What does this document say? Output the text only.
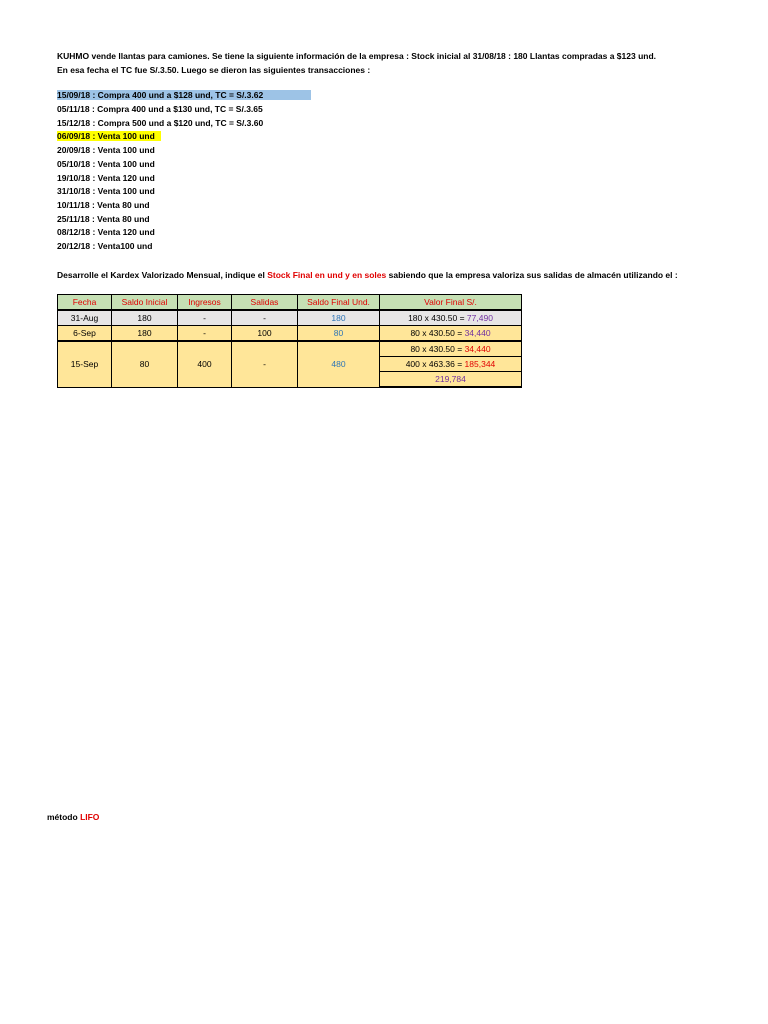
KUHMO vende llantas para camiones. Se tiene la siguiente información de la empresa : Stock inicial al 31/08/18 : 180 Llantas compradas a $123 und.
En esa fecha el TC fue S/.3.50. Luego se dieron las siguientes transacciones :
15/09/18 : Compra 400 und a $128 und, TC = S/.3.62
05/11/18 : Compra 400 und a $130 und, TC = S/.3.65
15/12/18 : Compra 500 und a $120 und, TC = S/.3.60
06/09/18 : Venta 100 und
20/09/18 : Venta 100 und
05/10/18 : Venta 100 und
19/10/18 : Venta 120 und
31/10/18 : Venta 100 und
10/11/18 : Venta 80 und
25/11/18 : Venta 80 und
08/12/18 : Venta 120 und
20/12/18 : Venta100 und
Desarrolle el Kardex Valorizado Mensual, indique el Stock Final en und y en soles sabiendo que la empresa valoriza sus salidas de almacén utilizando el :
Fecha	Saldo Inicial	Ingresos	Salidas	Saldo Final Und.	Valor Final S/.
31-Aug	180	-	-	180	180 x 430.50 = 77,490
6-Sep	180	-	100	80	80 x 430.50 = 34,440
15-Sep	80	400	-	480	80 x 430.50 = 34,440
					400 x 463.36 = 185,344
					219,784
método LIFO
